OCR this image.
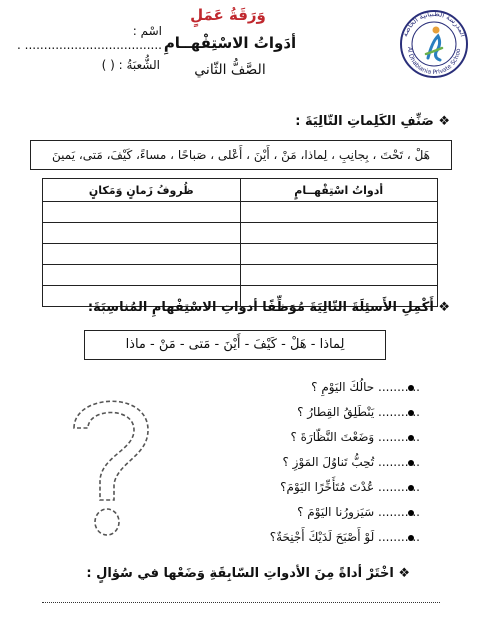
وَرَقَةُ عَمَلٍ
أدَواتُ الاسْتِفْهــامِ
الصَّفُّ الثّاني
اسْم : .................................... .
الشُّعبَةُ : ( )
المدرسة الظبيانية الخاصة
Al Dhabiania Private Schoo
❖ صَنِّفِ الكَلِماتِ التّالِيَةَ :
هَلْ ، تَحْتَ ، بِجانِبِ ، لِماذا، مَنْ ، أَيْنَ ، أَعْلى ، صَباحًا ، مساءً، كَيْفَ، مَتى، يَمينَ
أدواتُ اسْتِفْهــامٍ	ظُروفُ زَمانٍ وَمَكانٍ

❖ أَكْمِلِ الأَسئِلَةَ التّالِيَةَ مُوَظِّفًا أدواتِ الاسْتِفْهامِ المُناسِبَةَ:
لِماذا - هَلْ - كَيْفَ - أَيْنَ - مَتى - مَنْ - ماذا
........... حالُكَ اليَوْمِ ؟
........... يَنْطَلِقُ القِطارُ ؟
........... وَضَعْتَ النَّظّارَةَ ؟
........... تُحِبُّ تَناوُلَ المَوْزِ ؟
........... عُدْتَ مُتَأَخِّرًا اليَوْمَ؟
........... سَيَزورُنا اليَوْمَ ؟
........... لَوْ أَصْبَحَ لَدَيْكَ أَجْنِحَةٌ؟
❖ اخْتَرْ أداةً مِنَ الأدواتِ السّابِقَةِ وَضَعْها في سُؤالٍ :
